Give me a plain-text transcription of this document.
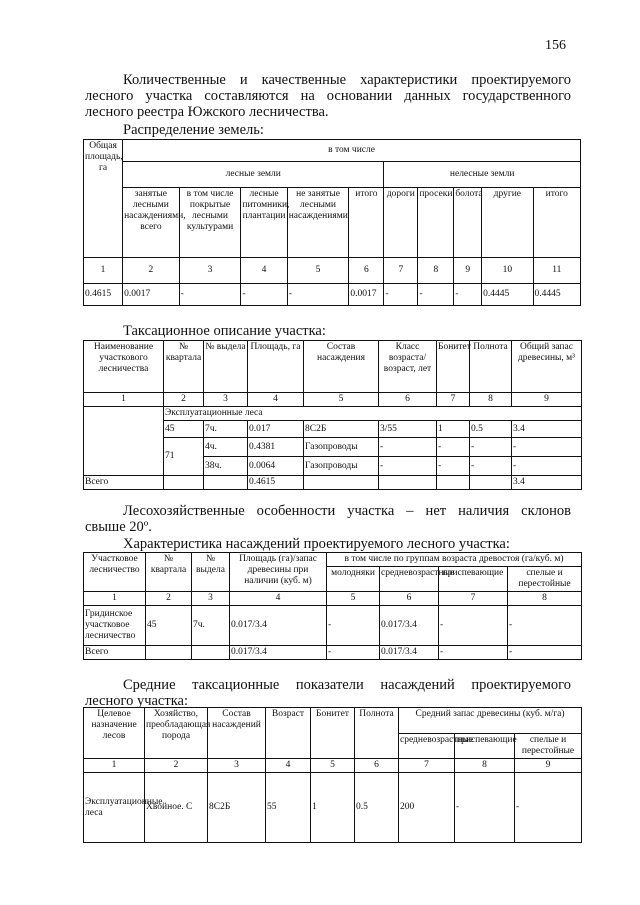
156
Количественные и качественные характеристики проектируемого
лесного участка составляются на основании данных государственного
лесного реестра Южского лесничества.
Распределение земель:
Общая площадь, га	в том числе									
	лесные земли					нелесные земли				
	занятые лесными насаждениями, всего	в том числе покрытые лесными культурами	лесные питомники, плантации	не занятые лесными насаждениями	итого	дороги	просеки	болота	другие	итого
1	2	3	4	5	6	7	8	9	10	11
0.4615	0.0017	-	-	-	0.0017	-	-	-	0.4445	0.4445
Таксационное описание участка:
Наименование участкового лесничества	№ квартала	№ выдела	Площадь, га	Состав насаждения	Класс возраста/ возраст, лет	Бонитет	Полнота	Общий запас древесины, м³
1	2	3	4	5	6	7	8	9
	Эксплуатационные леса							
	45	7ч.	0.017	8С2Б	3/55	1	0.5	3.4
	71	4ч.	0.4381	Газопроводы	-	-	-	-
		38ч.	0.0064	Газопроводы	-	-	-	-
Всего			0.4615					3.4
Лесохозяйственные особенности участка – нет наличия склонов
свыше 20º.
Характеристика насаждений проектируемого лесного участка:
Участковое лесничество	№ квартала	№ выдела	Площадь (га)/запас древесины при наличии (куб. м)	в том числе по группам возраста древостоя (га/куб. м)			
				молодняки	средневозрастные	приспевающие	спелые и перестойные
1	2	3	4	5	6	7	8
Гридинское участковое лесничество	45	7ч.	0.017/3.4	-	0.017/3.4	-	-
Всего			0.017/3.4	-	0.017/3.4	-	-
Средние таксационные показатели насаждений проектируемого
лесного участка:
Целевое назначение лесов	Хозяйство, преобладающая порода	Состав насаждений	Возраст	Бонитет	Полнота	Средний запас древесины (куб. м/га)		
						средневозрастные	приспевающие	спелые и перестойные
1	2	3	4	5	6	7	8	9
Эксплуатационные леса	Хвойное. С	8С2Б	55	1	0.5	200	-	-
